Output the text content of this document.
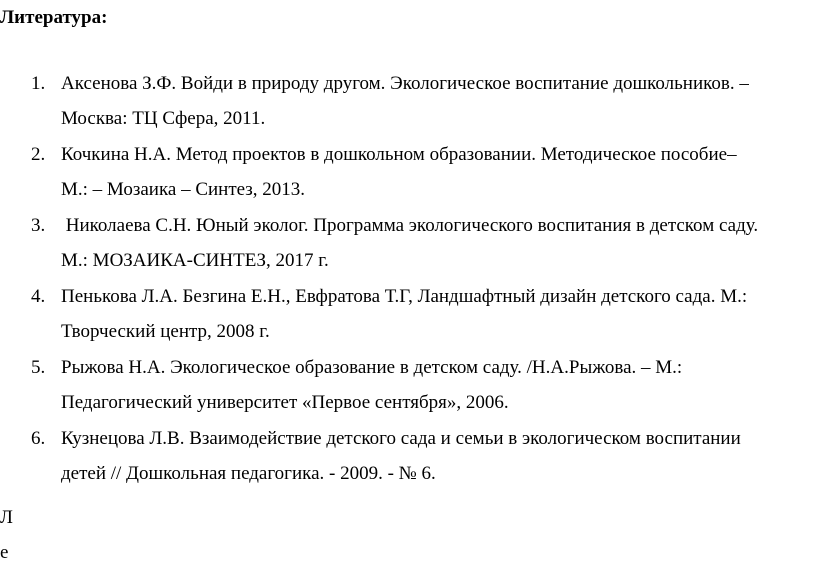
Литература:
1. Аксенова З.Ф. Войди в природу другом. Экологическое воспитание дошкольников. –
Москва: ТЦ Сфера, 2011.
2. Кочкина Н.А. Метод проектов в дошкольном образовании. Методическое пособие–
М.: – Мозаика – Синтез, 2013.
3. Николаева С.Н. Юный эколог. Программа экологического воспитания в детском саду.
М.: МОЗАИКА-СИНТЕЗ, 2017 г.
4. Пенькова Л.А. Безгина Е.Н., Евфратова Т.Г, Ландшафтный дизайн детского сада. М.:
Творческий центр, 2008 г.
5. Рыжова Н.А. Экологическое образование в детском саду. /Н.А.Рыжова. – М.:
Педагогический университет «Первое сентября», 2006.
6. Кузнецова Л.В. Взаимодействие детского сада и семьи в экологическом воспитании
детей // Дошкольная педагогика. - 2009. - № 6.
Ле
